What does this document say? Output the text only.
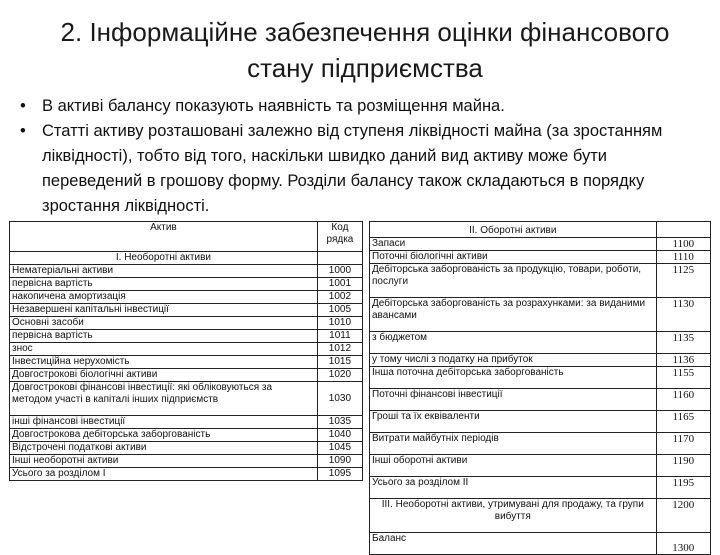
2. Інформаційне забезпечення оцінки фінансового
стану підприємства
• В активі балансу показують наявність та розміщення майна.
• Статті активу розташовані залежно від ступеня ліквідності майна (за зростанням ліквідності), тобто від того, наскільки швидко даний вид активу може бути переведений в грошову форму. Розділи балансу також складаються в порядку зростання ліквідності.
Актив	Код рядка
І. Необоротні активи	
Нематеріальні активи	1000
первісна вартість	1001
накопичена амортизація	1002
Незавершені капітальні інвестиції	1005
Основні засоби	1010
первісна вартість	1011
знос	1012
Інвестиційна нерухомість	1015
Довгострокові біологічні активи	1020
Довгострокові фінансові інвестиції: які обліковуються за методом участі в капіталі інших підприємств	1030
інші фінансові інвестиції	1035
Довгострокова дебіторська заборгованість	1040
Відстрочені податкові активи	1045
Інші необоротні активи	1090
Усього за розділом І	1095
ІІ. Оборотні активи	
Запаси	1100
Поточні біологічні активи	1110
Дебіторська заборгованість за продукцію, товари, роботи, послуги	1125
Дебіторська заборгованість за розрахунками: за виданими авансами	1130
з бюджетом	1135
у тому числі з податку на прибуток	1136
Інша поточна дебіторська заборгованість	1155
Поточні фінансові інвестиції	1160
Гроші та їх еквіваленти	1165
Витрати майбутніх періодів	1170
Інші оборотні активи	1190
Усього за розділом ІІ	1195
ІІІ. Необоротні активи, утримувані для продажу, та групи вибуття	1200
Баланс	1300
